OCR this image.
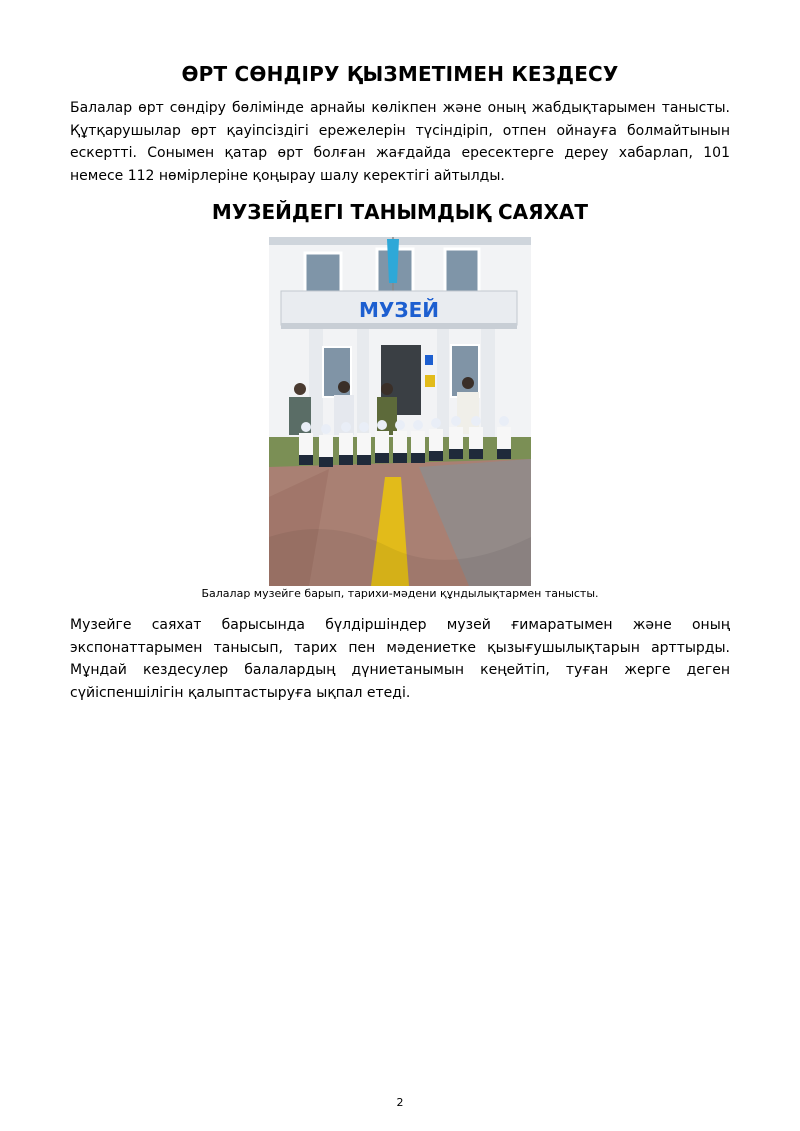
ӨРТ СӨНДІРУ ҚЫЗМЕТІМЕН КЕЗДЕСУ

Балалар өрт сөндіру бөлімінде арнайы көлікпен және оның жабдықтарымен танысты. Құтқарушылар өрт қауіпсіздігі ережелерін түсіндіріп, отпен ойнауға болмайтынын ескертті. Сонымен қатар өрт болған жағдайда ересектерге дереу хабарлап, 101 немесе 112 нөмірлеріне қоңырау шалу керектігі айтылды.

МУЗЕЙДЕГІ ТАНЫМДЫҚ САЯХАТ
МУЗЕЙ

Балалар музейге барып, тарихи-мәдени құндылықтармен танысты.

Музейге саяхат барысында бүлдіршіндер музей ғимаратымен және оның экспонаттарымен танысып, тарих пен мәдениетке қызығушылықтарын арттырды. Мұндай кездесулер балалардың дүниетанымын кеңейтіп, туған жерге деген сүйіспеншілігін қалыптастыруға ықпал етеді.

2
